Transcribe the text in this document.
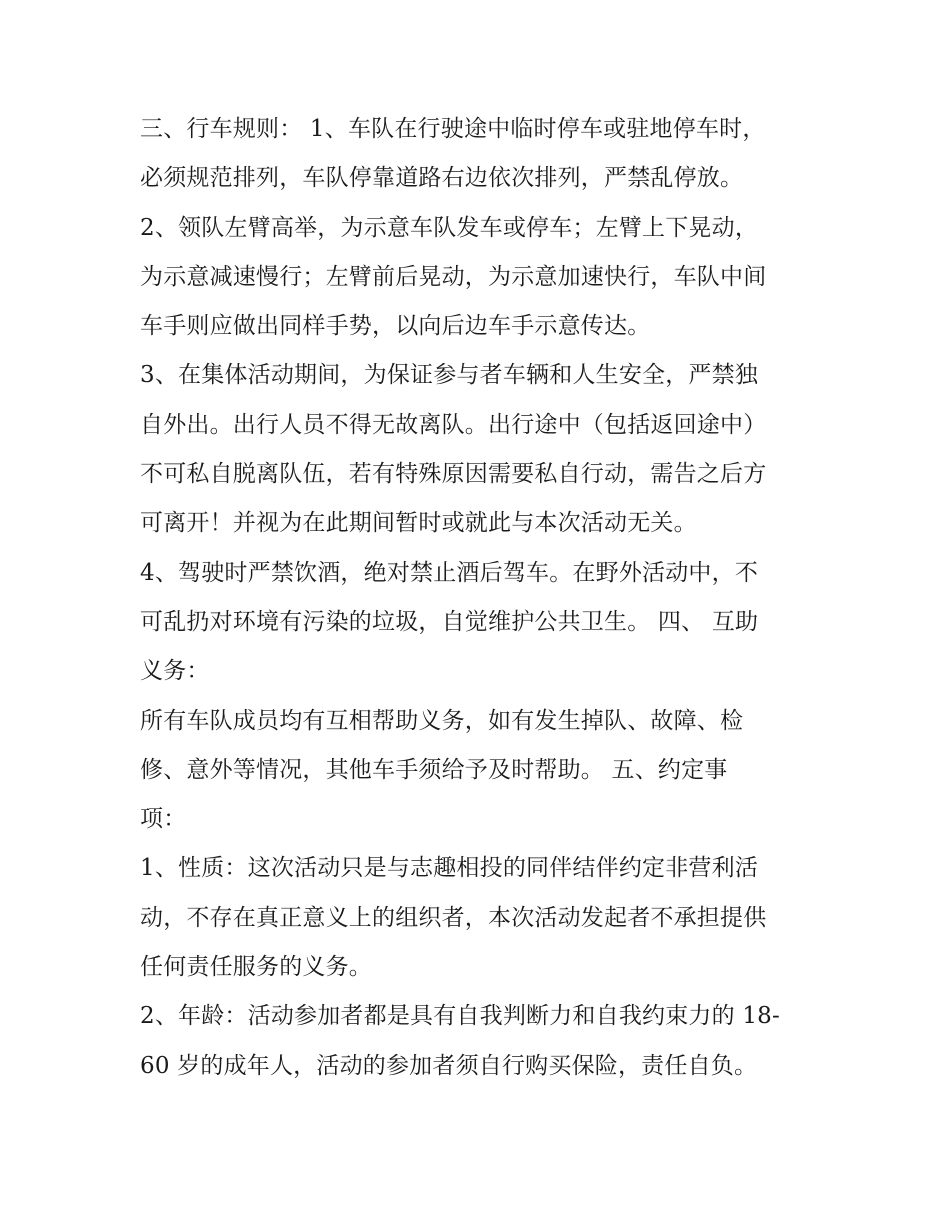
三、行车规则： 1、车队在行驶途中临时停车或驻地停车时，
必须规范排列，车队停靠道路右边依次排列，严禁乱停放。
2、领队左臂高举，为示意车队发车或停车；左臂上下晃动，
为示意减速慢行；左臂前后晃动，为示意加速快行，车队中间
车手则应做出同样手势，以向后边车手示意传达。
3、在集体活动期间，为保证参与者车辆和人生安全，严禁独
自外出。出行人员不得无故离队。出行途中（包括返回途中）
不可私自脱离队伍，若有特殊原因需要私自行动，需告之后方
可离开！并视为在此期间暂时或就此与本次活动无关。
4、驾驶时严禁饮酒，绝对禁止酒后驾车。在野外活动中，不
可乱扔对环境有污染的垃圾，自觉维护公共卫生。 四、 互助
义务：
所有车队成员均有互相帮助义务，如有发生掉队、故障、检
修、意外等情况，其他车手须给予及时帮助。 五、约定事
项：
1、性质：这次活动只是与志趣相投的同伴结伴约定非营利活
动，不存在真正意义上的组织者，本次活动发起者不承担提供
任何责任服务的义务。
2、年龄：活动参加者都是具有自我判断力和自我约束力的 18-
60 岁的成年人，活动的参加者须自行购买保险，责任自负。
